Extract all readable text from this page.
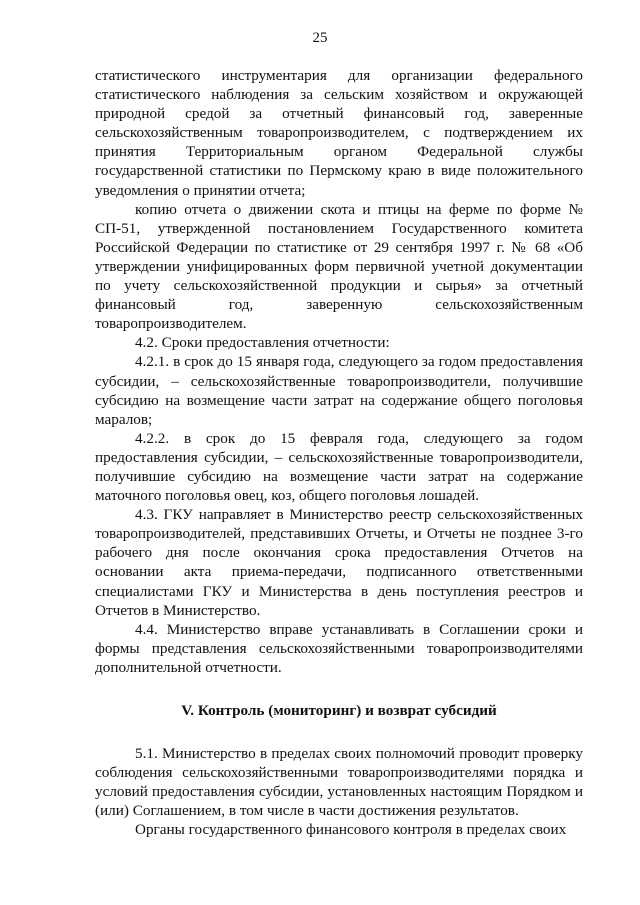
25

статистического инструментария для организации федерального статистического наблюдения за сельским хозяйством и окружающей природной средой за отчетный финансовый год, заверенные сельскохозяйственным товаропроизводителем, с подтверждением их принятия Территориальным органом Федеральной службы государственной статистики по Пермскому краю в виде положительного уведомления о принятии отчета;

копию отчета о движении скота и птицы на ферме по форме № СП-51, утвержденной постановлением Государственного комитета Российской Федерации по статистике от 29 сентября 1997 г. № 68 «Об утверждении унифицированных форм первичной учетной документации по учету сельскохозяйственной продукции и сырья» за отчетный финансовый год, заверенную сельскохозяйственным товаропроизводителем.

4.2. Сроки предоставления отчетности:

4.2.1. в срок до 15 января года, следующего за годом предоставления субсидии, – сельскохозяйственные товаропроизводители, получившие субсидию на возмещение части затрат на содержание общего поголовья маралов;

4.2.2. в срок до 15 февраля года, следующего за годом предоставления субсидии, – сельскохозяйственные товаропроизводители, получившие субсидию на возмещение части затрат на содержание маточного поголовья овец, коз, общего поголовья лошадей.

4.3. ГКУ направляет в Министерство реестр сельскохозяйственных товаропроизводителей, представивших Отчеты, и Отчеты не позднее 3-го рабочего дня после окончания срока предоставления Отчетов на основании акта приема-передачи, подписанного ответственными специалистами ГКУ и Министерства в день поступления реестров и Отчетов в Министерство.

4.4. Министерство вправе устанавливать в Соглашении сроки и формы представления сельскохозяйственными товаропроизводителями дополнительной отчетности.

V. Контроль (мониторинг) и возврат субсидий

5.1. Министерство в пределах своих полномочий проводит проверку соблюдения сельскохозяйственными товаропроизводителями порядка и условий предоставления субсидии, установленных настоящим Порядком и (или) Соглашением, в том числе в части достижения результатов.

Органы государственного финансового контроля в пределах своих
